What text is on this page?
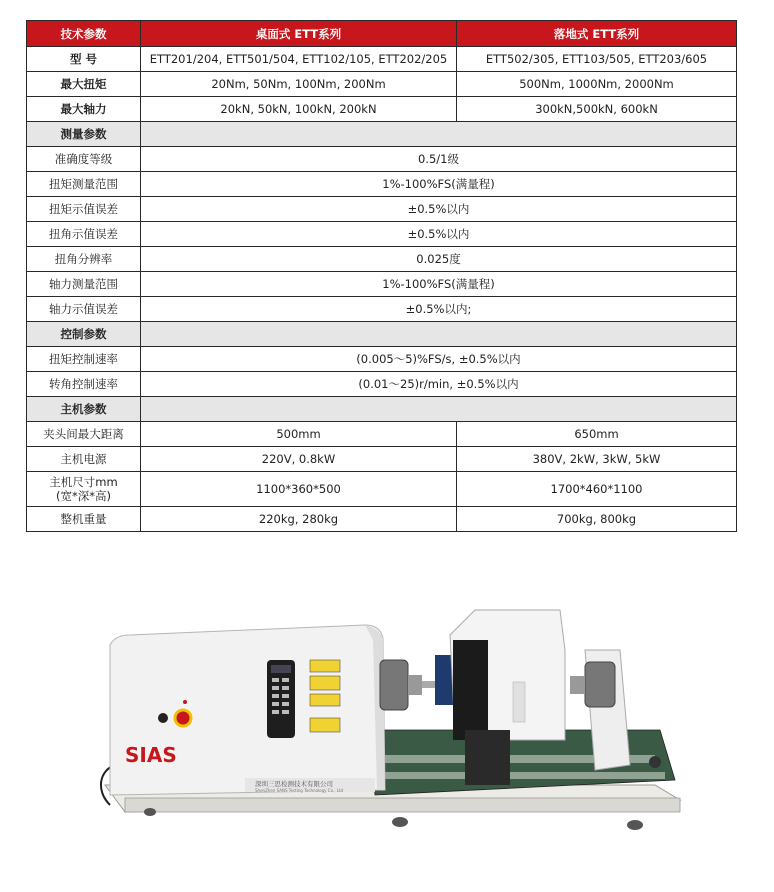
技术参数	桌面式 ETT系列	落地式 ETT系列
型 号	ETT201/204, ETT501/504, ETT102/105, ETT202/205	ETT502/305, ETT103/505, ETT203/605
最大扭矩	20Nm, 50Nm, 100Nm, 200Nm	500Nm, 1000Nm, 2000Nm
最大轴力	20kN, 50kN, 100kN, 200kN	300kN,500kN, 600kN
测量参数		
准确度等级	0.5/1级	
扭矩测量范围	1%-100%FS(满量程)	
扭矩示值误差	±0.5%以内	
扭角示值误差	±0.5%以内	
扭角分辨率	0.025度	
轴力测量范围	1%-100%FS(满量程)	
轴力示值误差	±0.5%以内;	
控制参数		
扭矩控制速率	(0.005～5)%FS/s, ±0.5%以内	
转角控制速率	(0.01～25)r/min, ±0.5%以内	
主机参数		
夹头间最大距离	500mm	650mm
主机电源	220V, 0.8kW	380V, 2kW, 3kW, 5kW
主机尺寸mm
(宽*深*高)	1100*360*500	1700*460*1100
整机重量	220kg, 280kg	700kg, 800kg
SIAS
深圳三思检测技术有限公司
ShenZhen SANS Testing Technology Co., Ltd
